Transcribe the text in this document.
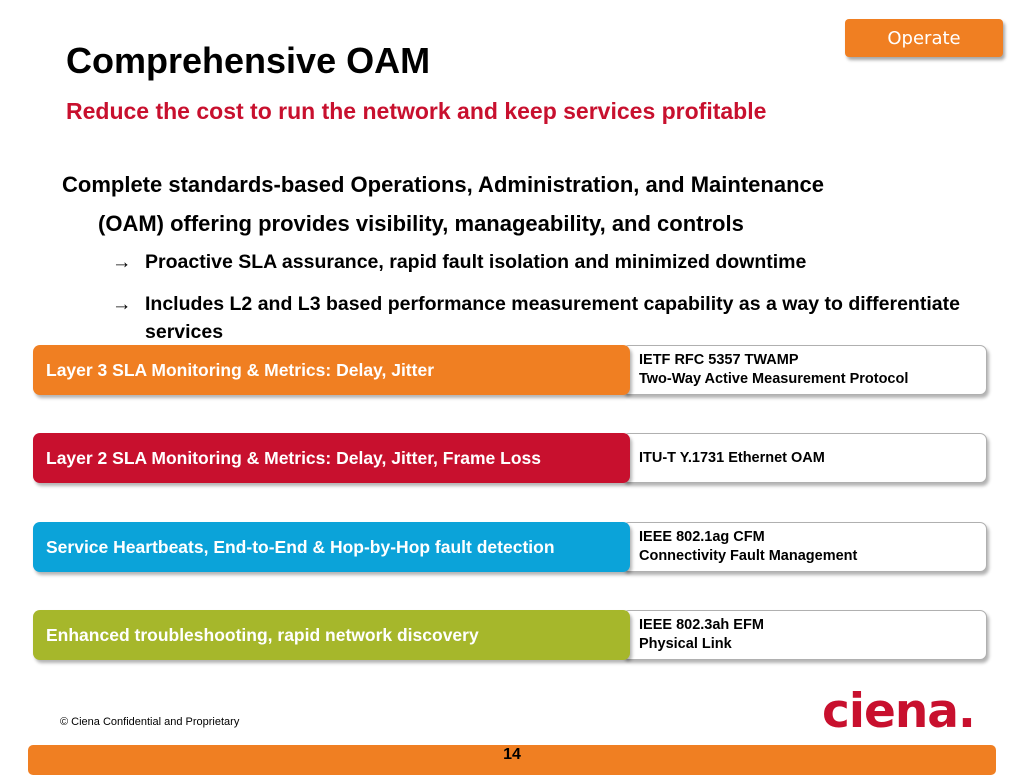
Operate
Comprehensive OAM
Reduce the cost to run the network and keep services profitable
Complete standards-based Operations, Administration, and Maintenance
(OAM) offering provides visibility, manageability, and controls
→ Proactive SLA assurance, rapid fault isolation and minimized downtime
→ Includes L2 and L3 based performance measurement capability as a way to differentiate services
Layer 3 SLA Monitoring & Metrics: Delay, Jitter	IETF RFC 5357 TWAMP
Two-Way Active Measurement Protocol
Layer 2 SLA Monitoring & Metrics: Delay, Jitter, Frame Loss	ITU-T Y.1731 Ethernet OAM
Service Heartbeats, End-to-End & Hop-by-Hop fault detection	IEEE 802.1ag CFM
Connectivity Fault Management
Enhanced troubleshooting, rapid network discovery	IEEE 802.3ah EFM
Physical Link
© Ciena Confidential and Proprietary	ciena.
14
